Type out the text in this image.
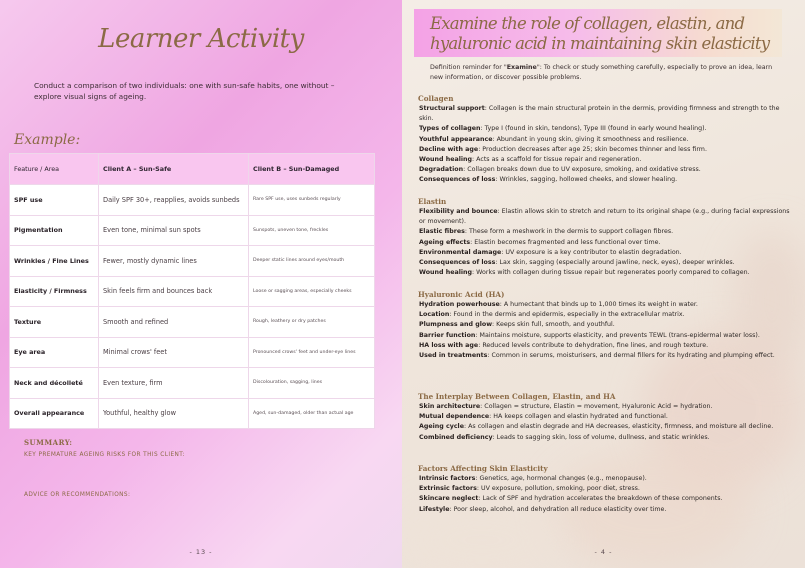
Learner Activity
Conduct a comparison of two individuals: one with sun-safe habits, one without – explore visual signs of ageing.
Example:
Feature / Area	Client A – Sun-Safe	Client B – Sun-Damaged
SPF use	Daily SPF 30+, reapplies, avoids sunbeds	Rare SPF use, uses sunbeds regularly
Pigmentation	Even tone, minimal sun spots	Sunspots, uneven tone, freckles
Wrinkles / Fine Lines	Fewer, mostly dynamic lines	Deeper static lines around eyes/mouth
Elasticity / Firmness	Skin feels firm and bounces back	Loose or sagging areas, especially cheeks
Texture	Smooth and refined	Rough, leathery or dry patches
Eye area	Minimal crows' feet	Pronounced crows' feet and under-eye lines
Neck and décolleté	Even texture, firm	Discolouration, sagging, lines
Overall appearance	Youthful, healthy glow	Aged, sun-damaged, older than actual age
SUMMARY:
KEY PREMATURE AGEING RISKS FOR THIS CLIENT:
ADVICE OR RECOMMENDATIONS:
- 13 -
Examine the role of collagen, elastin, and hyaluronic acid in maintaining skin elasticity
Definition reminder for "Examine": To check or study something carefully, especially to prove an idea, learn new information, or discover possible problems.
Collagen

Structural support: Collagen is the main structural protein in the dermis, providing firmness and strength to the skin.

Types of collagen: Type I (found in skin, tendons), Type III (found in early wound healing).

Youthful appearance: Abundant in young skin, giving it smoothness and resilience.

Decline with age: Production decreases after age 25; skin becomes thinner and less firm.

Wound healing: Acts as a scaffold for tissue repair and regeneration.

Degradation: Collagen breaks down due to UV exposure, smoking, and oxidative stress.

Consequences of loss: Wrinkles, sagging, hollowed cheeks, and slower healing.

Elastin

Flexibility and bounce: Elastin allows skin to stretch and return to its original shape (e.g., during facial expressions or movement).

Elastic fibres: These form a meshwork in the dermis to support collagen fibres.

Ageing effects: Elastin becomes fragmented and less functional over time.

Environmental damage: UV exposure is a key contributor to elastin degradation.

Consequences of loss: Lax skin, sagging (especially around jawline, neck, eyes), deeper wrinkles.

Wound healing: Works with collagen during tissue repair but regenerates poorly compared to collagen.

Hyaluronic Acid (HA)

Hydration powerhouse: A humectant that binds up to 1,000 times its weight in water.

Location: Found in the dermis and epidermis, especially in the extracellular matrix.

Plumpness and glow: Keeps skin full, smooth, and youthful.

Barrier function: Maintains moisture, supports elasticity, and prevents TEWL (trans-epidermal water loss).

HA loss with age: Reduced levels contribute to dehydration, fine lines, and rough texture.

Used in treatments: Common in serums, moisturisers, and dermal fillers for its hydrating and plumping effect.

The Interplay Between Collagen, Elastin, and HA

Skin architecture: Collagen = structure, Elastin = movement, Hyaluronic Acid = hydration.

Mutual dependence: HA keeps collagen and elastin hydrated and functional.

Ageing cycle: As collagen and elastin degrade and HA decreases, elasticity, firmness, and moisture all decline.

Combined deficiency: Leads to sagging skin, loss of volume, dullness, and static wrinkles.

Factors Affecting Skin Elasticity

Intrinsic factors: Genetics, age, hormonal changes (e.g., menopause).

Extrinsic factors: UV exposure, pollution, smoking, poor diet, stress.

Skincare neglect: Lack of SPF and hydration accelerates the breakdown of these components.

Lifestyle: Poor sleep, alcohol, and dehydration all reduce elasticity over time.

- 4 -
